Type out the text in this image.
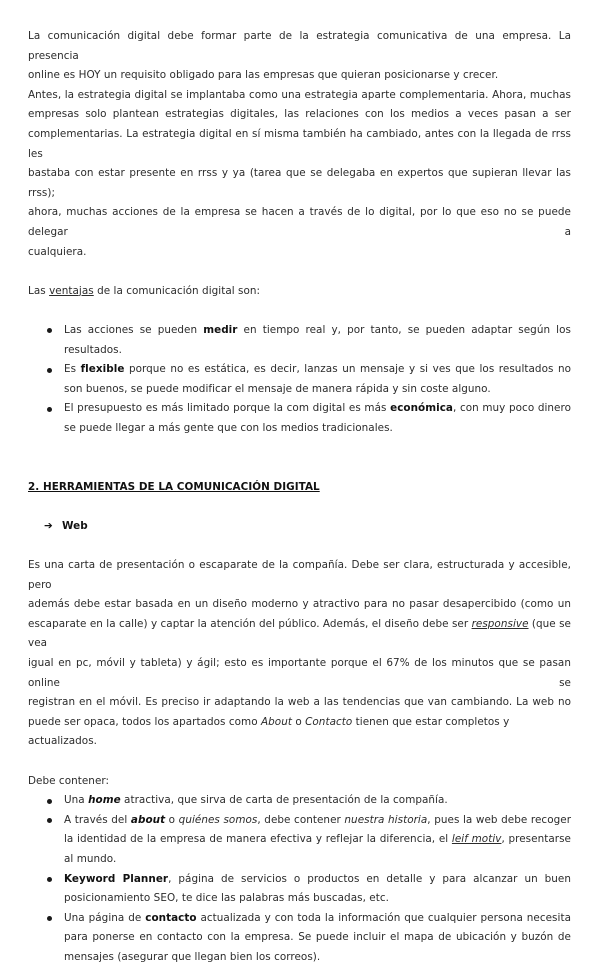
La comunicación digital debe formar parte de la estrategia comunicativa de una empresa. La presencia

online es HOY un requisito obligado para las empresas que quieran posicionarse y crecer.

Antes, la estrategia digital se implantaba como una estrategia aparte complementaria. Ahora, muchas

empresas solo plantean estrategias digitales, las relaciones con los medios a veces pasan a ser

complementarias. La estrategia digital en sí misma también ha cambiado, antes con la llegada de rrss les

bastaba con estar presente en rrss y ya (tarea que se delegaba en expertos que supieran llevar las rrss);

ahora, muchas acciones de la empresa se hacen a través de lo digital, por lo que eso no se puede delegar a

cualquiera.

Las ventajas de la comunicación digital son:

Las acciones se pueden medir en tiempo real y, por tanto, se pueden adaptar según los resultados.
Es flexible porque no es estática, es decir, lanzas un mensaje y si ves que los resultados no son buenos, se puede modificar el mensaje de manera rápida y sin coste alguno.
El presupuesto es más limitado porque la com digital es más económica, con muy poco dinero se puede llegar a más gente que con los medios tradicionales.
2. HERRAMIENTAS DE LA COMUNICACIÓN DIGITAL
➔ Web

Es una carta de presentación o escaparate de la compañía. Debe ser clara, estructurada y accesible, pero

además debe estar basada en un diseño moderno y atractivo para no pasar desapercibido (como un

escaparate en la calle) y captar la atención del público. Además, el diseño debe ser responsive (que se vea

igual en pc, móvil y tableta) y ágil; esto es importante porque el 67% de los minutos que se pasan online se

registran en el móvil. Es preciso ir adaptando la web a las tendencias que van cambiando. La web no

puede ser opaca, todos los apartados como About o Contacto tienen que estar completos y actualizados.

Debe contener:

Una home atractiva, que sirva de carta de presentación de la compañía.
A través del about o quiénes somos, debe contener nuestra historia, pues la web debe recoger la identidad de la empresa de manera efectiva y reflejar la diferencia, el leif motiv, presentarse al mundo.
Keyword Planner, página de servicios o productos en detalle y para alcanzar un buen posicionamiento SEO, te dice las palabras más buscadas, etc.
Una página de contacto actualizada y con toda la información que cualquier persona necesita para ponerse en contacto con la empresa. Se puede incluir el mapa de ubicación y buzón de mensajes (asegurar que llegan bien los correos).
